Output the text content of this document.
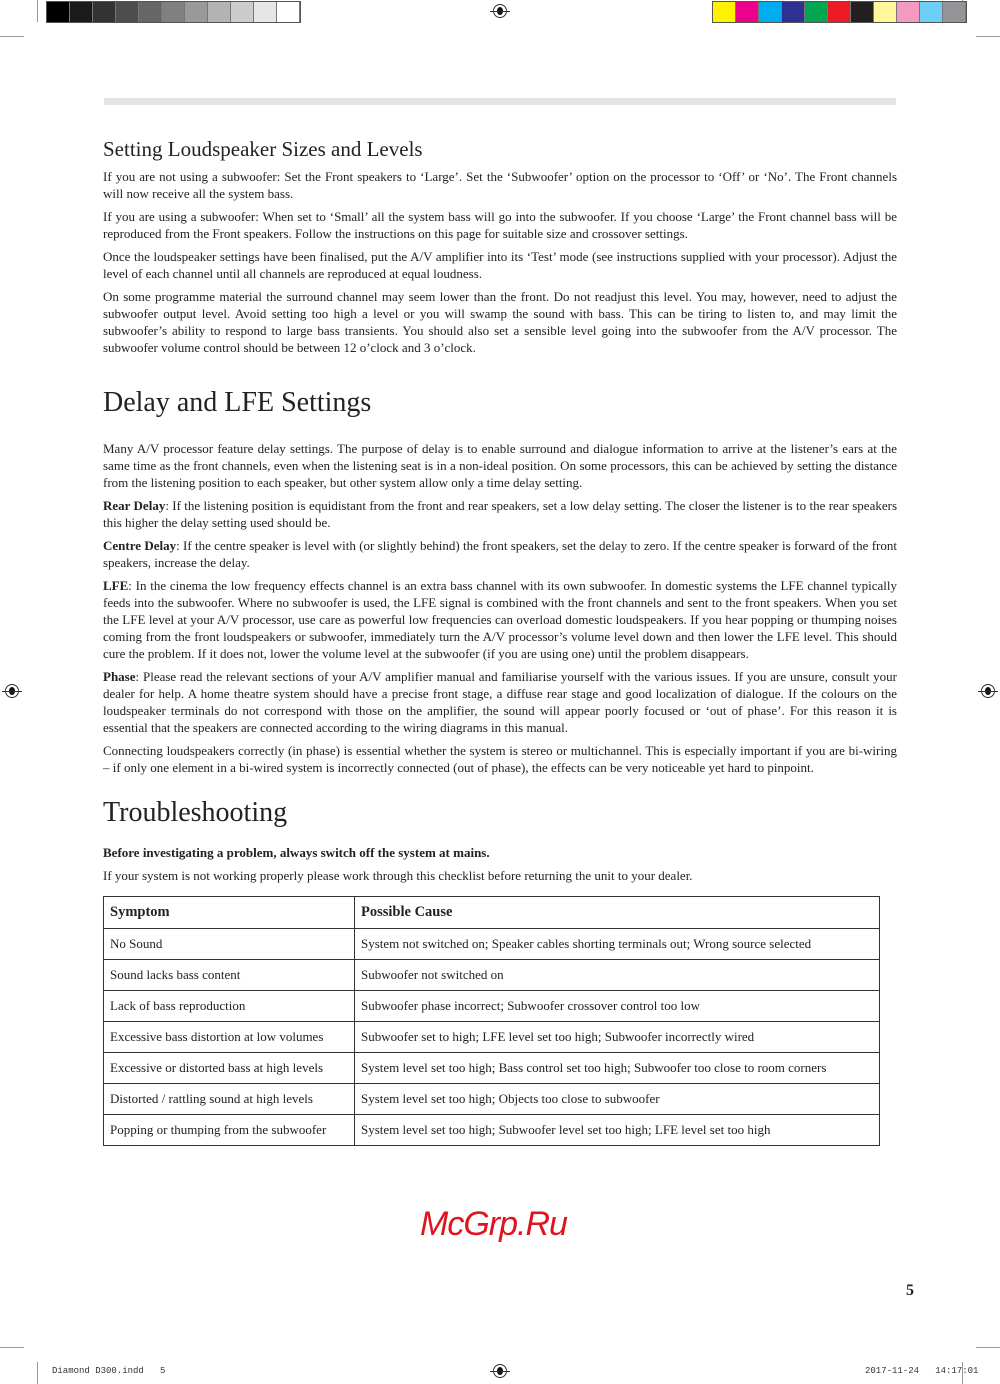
Setting Loudspeaker Sizes and Levels

If you are not using a subwoofer: Set the Front speakers to ‘Large’. Set the ‘Subwoofer’ option on the processor to ‘Off’ or ‘No’. The Front channels will now receive all the system bass.

If you are using a subwoofer: When set to ‘Small’ all the system bass will go into the subwoofer. If you choose ‘Large’ the Front channel bass will be reproduced from the Front speakers. Follow the instructions on this page for suitable size and crossover settings.

Once the loudspeaker settings have been finalised, put the A/V amplifier into its ‘Test’ mode (see instructions supplied with your processor). Adjust the level of each channel until all channels are reproduced at equal loudness.

On some programme material the surround channel may seem lower than the front. Do not readjust this level. You may, however, need to adjust the subwoofer output level. Avoid setting too high a level or you will swamp the sound with bass. This can be tiring to listen to, and may limit the subwoofer’s ability to respond to large bass transients. You should also set a sensible level going into the subwoofer from the A/V processor. The subwoofer volume control should be between 12 o’clock and 3 o’clock.

Delay and LFE Settings

Many A/V processor feature delay settings. The purpose of delay is to enable surround and dialogue information to arrive at the listener’s ears at the same time as the front channels, even when the listening seat is in a non-ideal position. On some processors, this can be achieved by setting the distance from the listening position to each speaker, but other system allow only a time delay setting.

Rear Delay: If the listening position is equidistant from the front and rear speakers, set a low delay setting. The closer the listener is to the rear speakers this higher the delay setting used should be.

Centre Delay: If the centre speaker is level with (or slightly behind) the front speakers, set the delay to zero. If the centre speaker is forward of the front speakers, increase the delay.

LFE: In the cinema the low frequency effects channel is an extra bass channel with its own subwoofer. In domestic systems the LFE channel typically feeds into the subwoofer. Where no subwoofer is used, the LFE signal is combined with the front channels and sent to the front speakers. When you set the LFE level at your A/V processor, use care as powerful low frequencies can overload domestic loudspeakers. If you hear popping or thumping noises coming from the front loudspeakers or subwoofer, immediately turn the A/V processor’s volume level down and then lower the LFE level. This should cure the problem. If it does not, lower the volume level at the subwoofer (if you are using one) until the problem disappears.

Phase: Please read the relevant sections of your A/V amplifier manual and familiarise yourself with the various issues. If you are unsure, consult your dealer for help. A home theatre system should have a precise front stage, a diffuse rear stage and good localization of dialogue. If the colours on the loudspeaker terminals do not correspond with those on the amplifier, the sound will appear poorly focused or ‘out of phase’. For this reason it is essential that the speakers are connected according to the wiring diagrams in this manual.

Connecting loudspeakers correctly (in phase) is essential whether the system is stereo or multichannel. This is especially important if you are bi-wiring – if only one element in a bi-wired system is incorrectly connected (out of phase), the effects can be very noticeable yet hard to pinpoint.

Troubleshooting

Before investigating a problem, always switch off the system at mains.

If your system is not working properly please work through this checklist before returning the unit to your dealer.

Symptom	Possible Cause
No Sound	System not switched on; Speaker cables shorting terminals out; Wrong source selected
Sound lacks bass content	Subwoofer not switched on
Lack of bass reproduction	Subwoofer phase incorrect; Subwoofer crossover control too low
Excessive bass distortion at low volumes	Subwoofer set to high; LFE level set too high; Subwoofer incorrectly wired
Excessive or distorted bass at high levels	System level set too high; Bass control set too high; Subwoofer too close to room corners
Distorted / rattling sound at high levels	System level set too high; Objects too close to subwoofer
Popping or thumping from the subwoofer	System level set too high; Subwoofer level set too high; LFE level set too high
McGrp.Ru
5
Diamond D300.indd 5	2017-11-24 14:17:01
